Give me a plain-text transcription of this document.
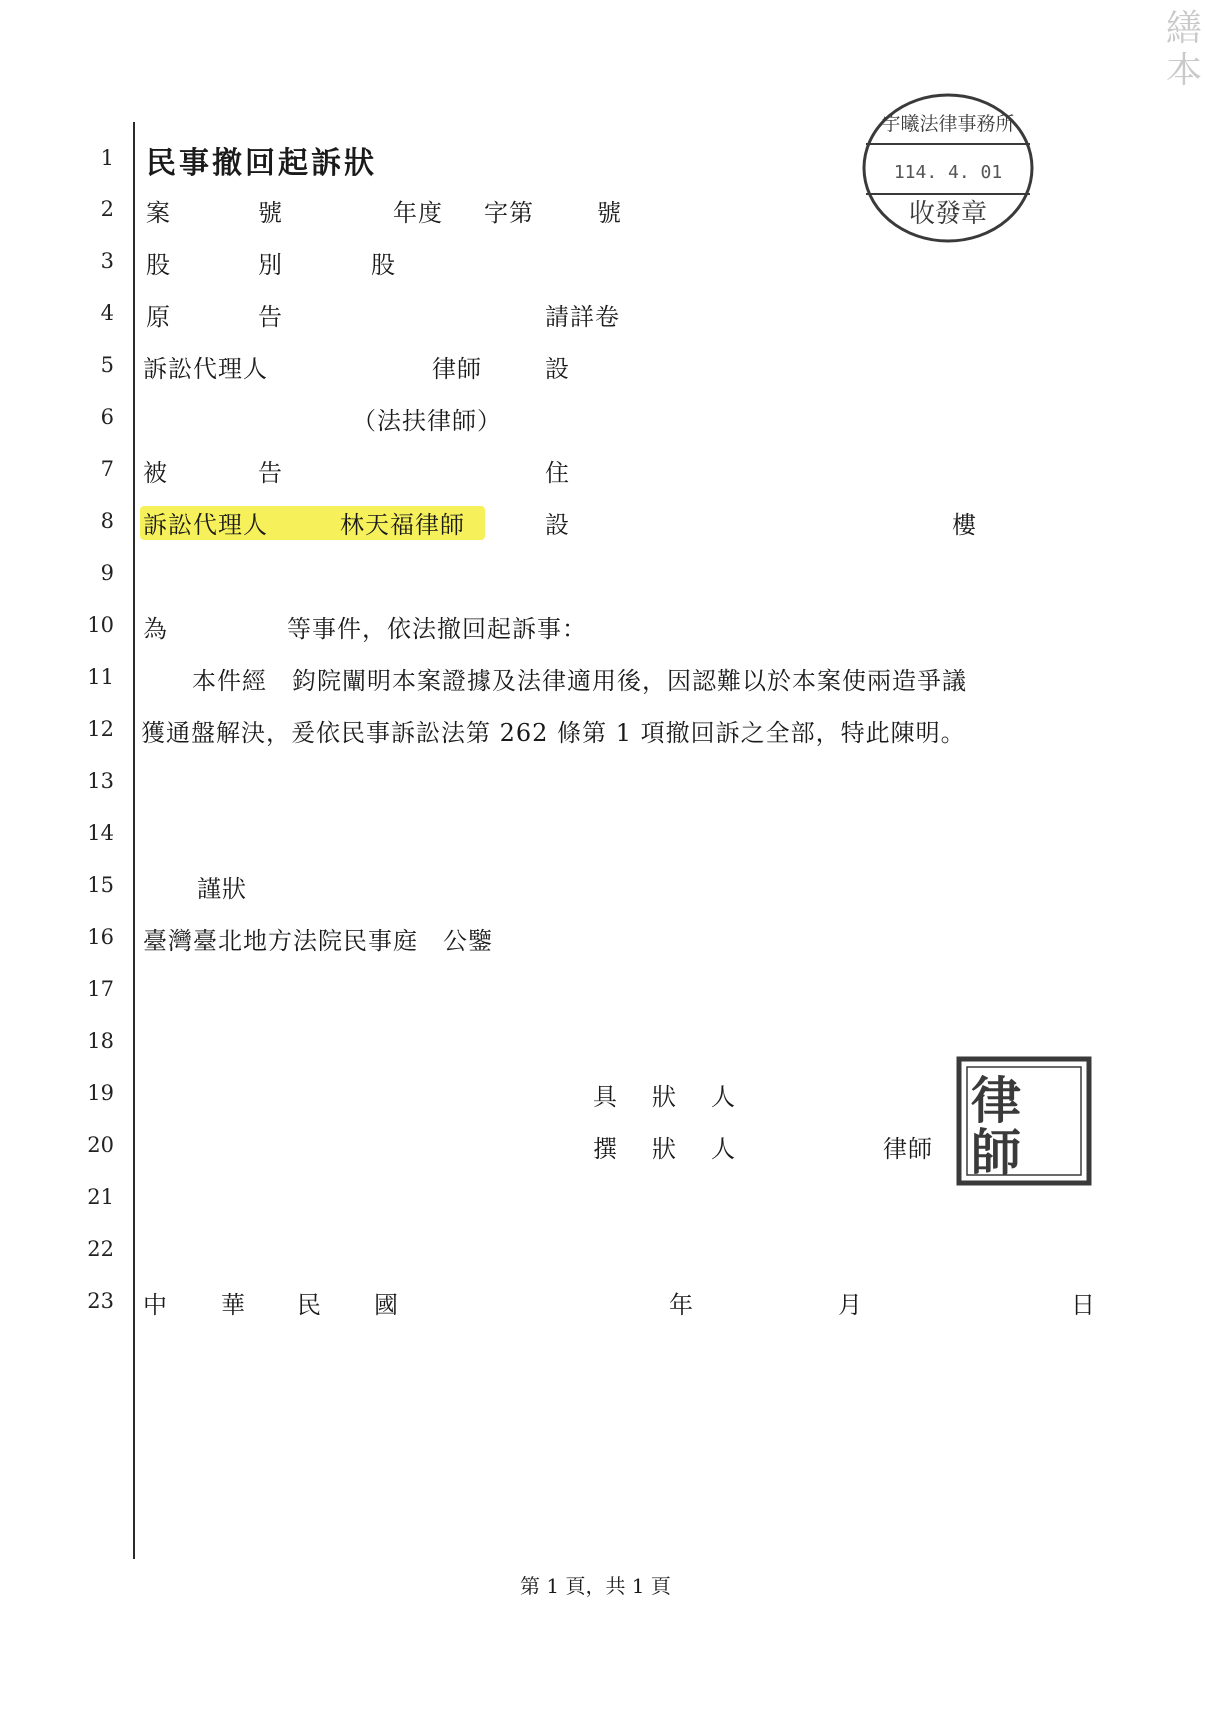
繕
本
1
2
3
4
5
6
7
8
9
10
11
12
13
14
15
16
17
18
19
20
21
22
23
民事撤回起訴狀
案	號	年度 字第	號
股	別	股
原	告	請詳卷
訴訟代理人	律師	設
（法扶律師）
被	告	住
訴訟代理人	林天福律師	設	樓
為	等事件，依法撤回起訴事：
本件經　鈞院闡明本案證據及法律適用後，因認難以於本案使兩造爭議
獲通盤解決，爰依民事訴訟法第 262 條第 1 項撤回訴之全部，特此陳明。
謹狀
臺灣臺北地方法院民事庭　公鑒
具 狀 人
撰 狀 人	律師
中 華 民 國	年	月	日
第 1 頁，共 1 頁
宇曦法律事務所
114. 4. 01
收發章
律
師
